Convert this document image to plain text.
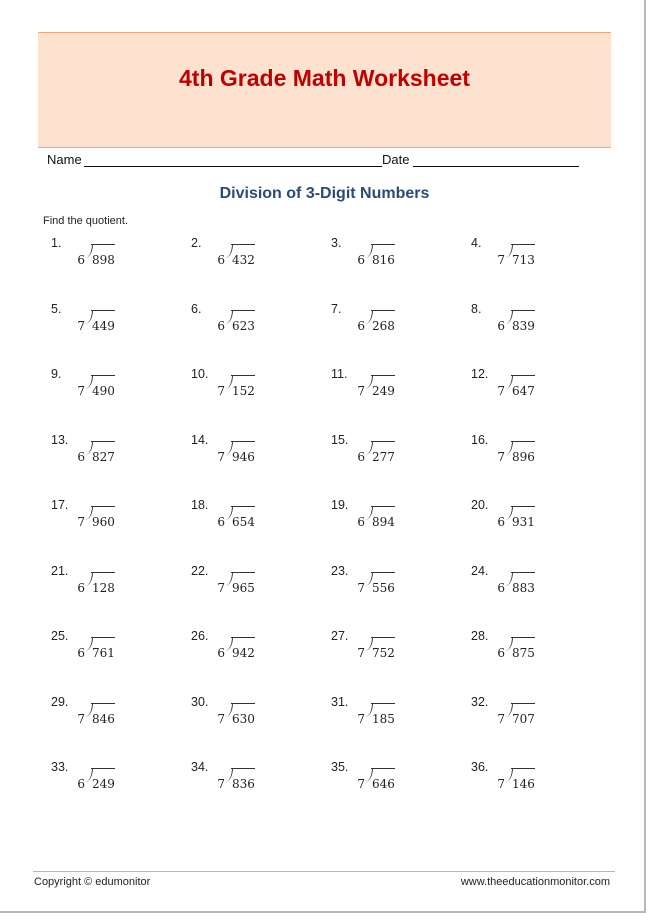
4th Grade Math Worksheet
Name	Date
Division of 3-Digit Numbers
Find the quotient.
1.
6 898
2.
6 432
3.
6 816
4.
7 713
5.
7 449
6.
6 623
7.
6 268
8.
6 839
9.
7 490
10.
7 152
11.
7 249
12.
7 647
13.
6 827
14.
7 946
15.
6 277
16.
7 896
17.
7 960
18.
6 654
19.
6 894
20.
6 931
21.
6 128
22.
7 965
23.
7 556
24.
6 883
25.
6 761
26.
6 942
27.
7 752
28.
6 875
29.
7 846
30.
7 630
31.
7 185
32.
7 707
33.
6 249
34.
7 836
35.
7 646
36.
7 146
Copyright © edumonitor	www.theeducationmonitor.com
